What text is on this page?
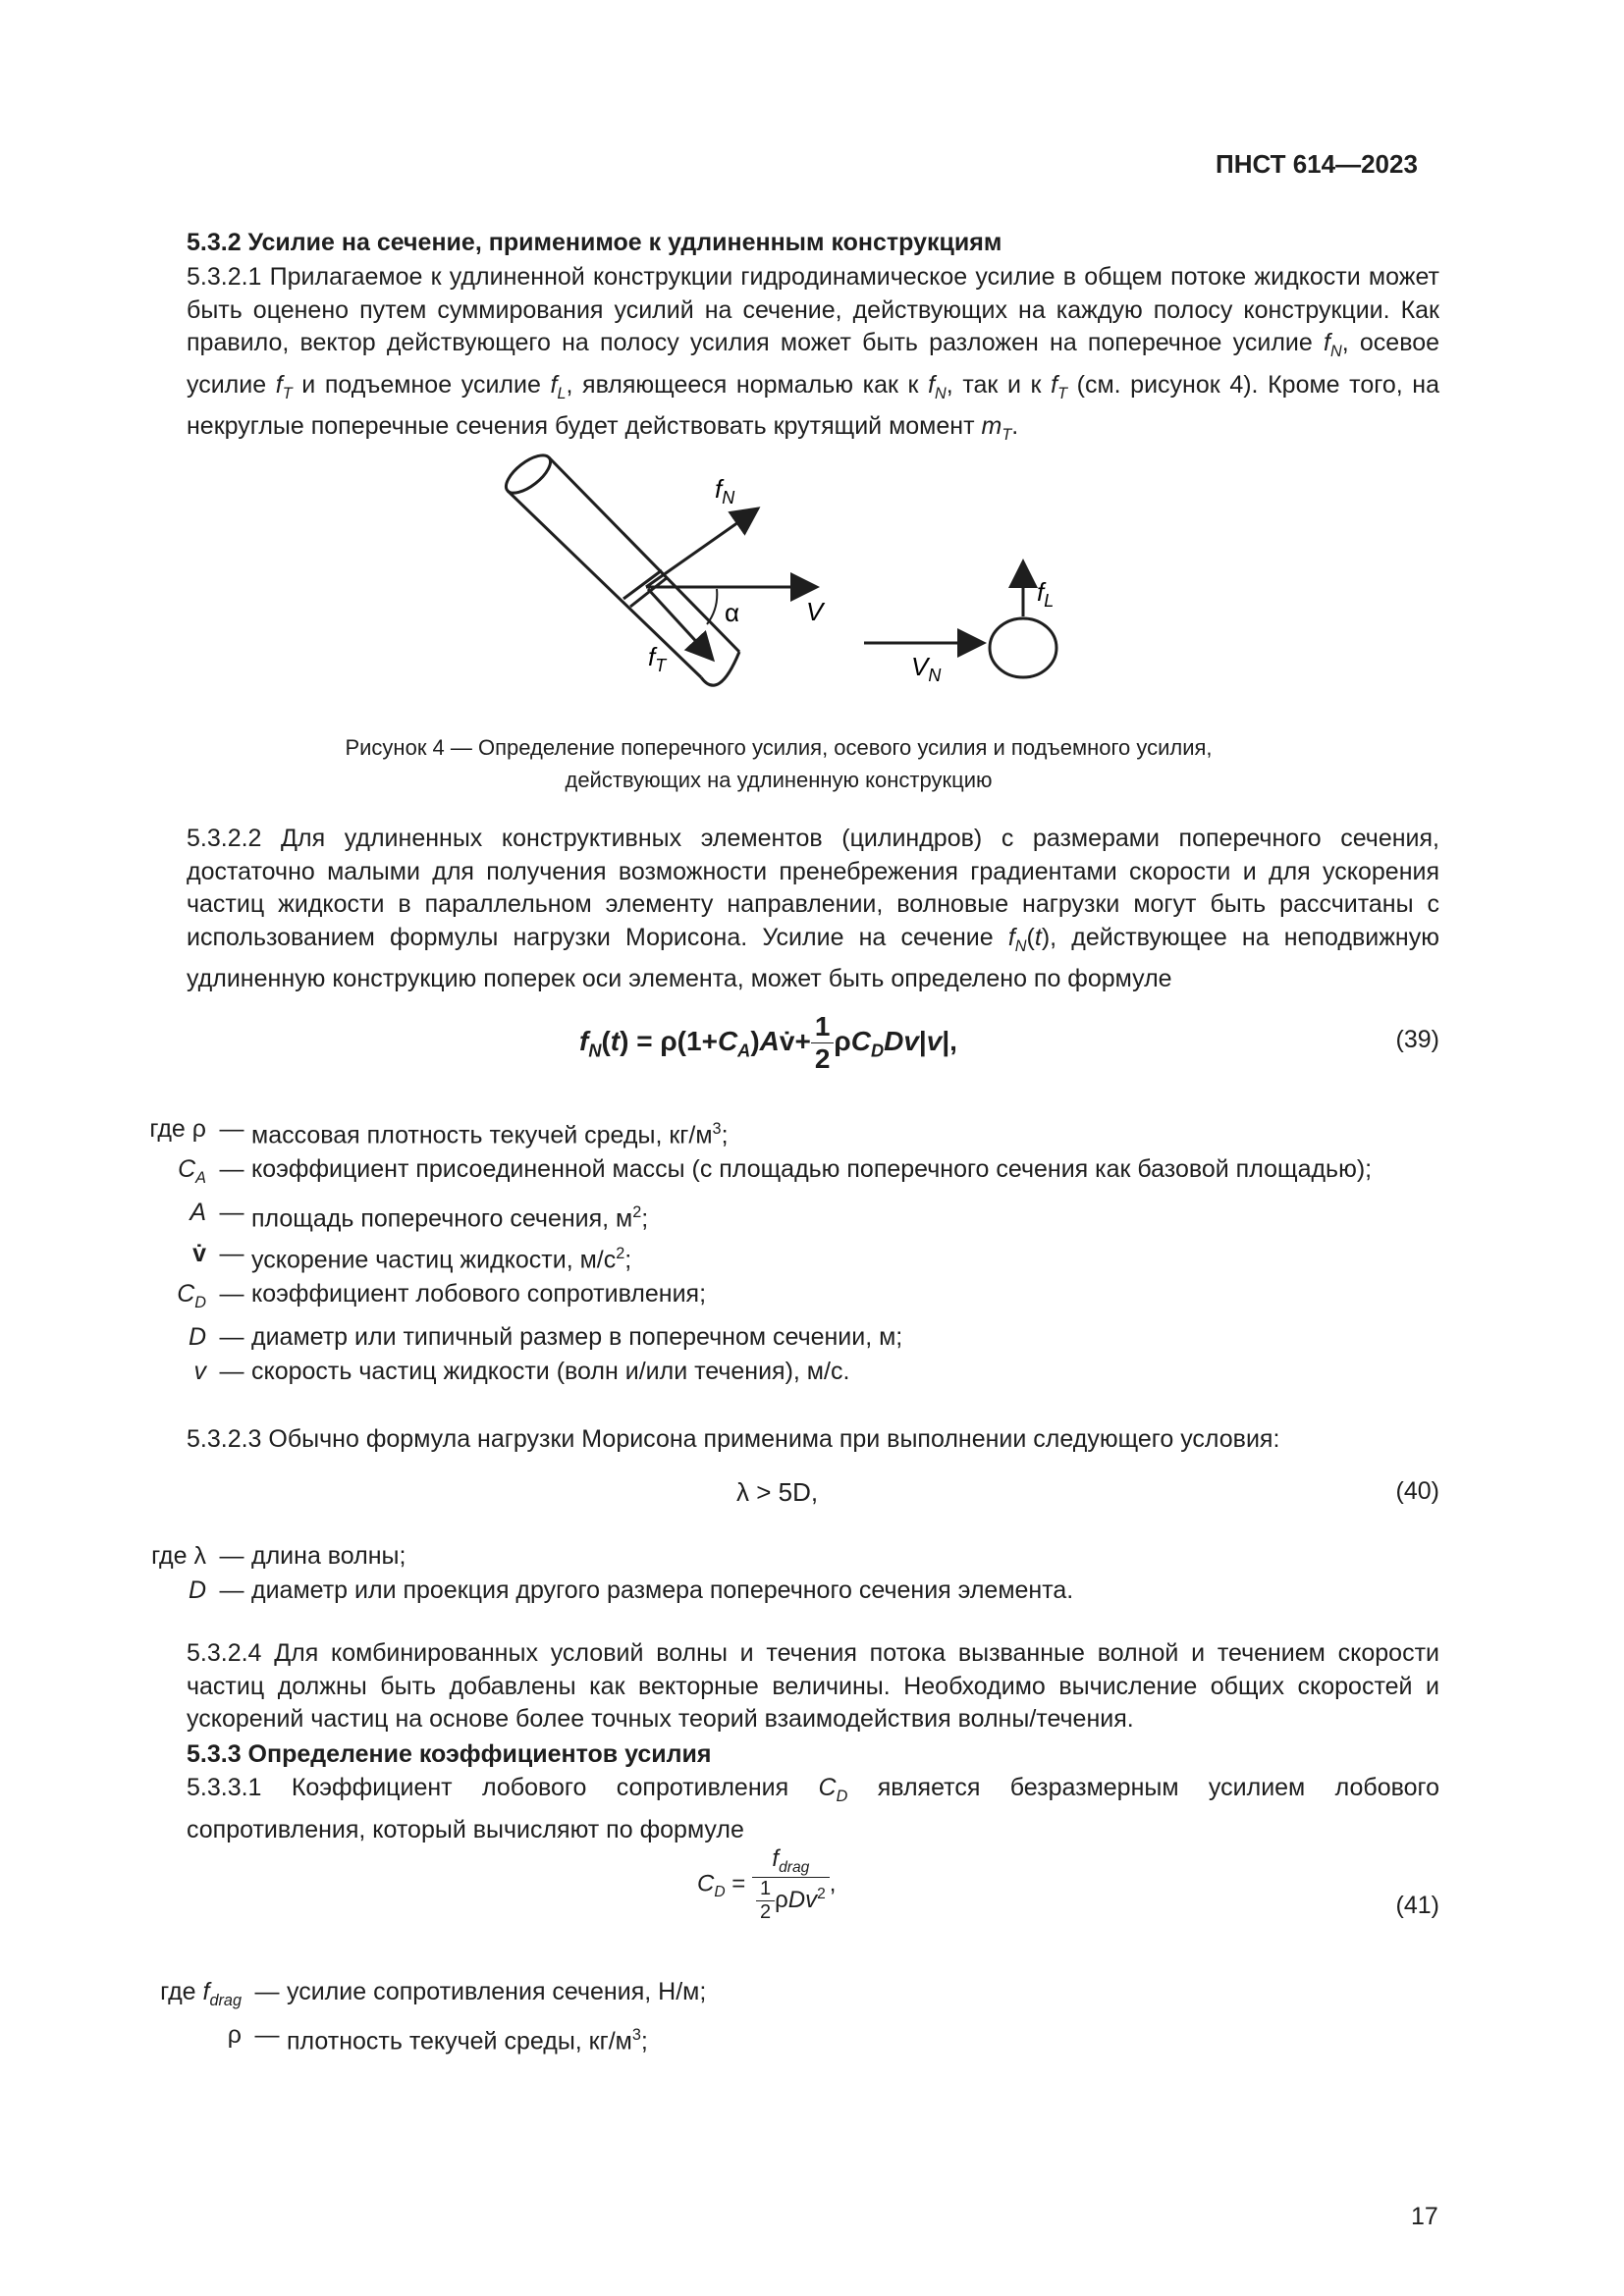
ПНСТ 614—2023
5.3.2 Усилие на сечение, применимое к удлиненным конструкциям
5.3.2.1 Прилагаемое к удлиненной конструкции гидродинамическое усилие в общем потоке жидкости может быть оценено путем суммирования усилий на сечение, действующих на каждую полосу конструкции. Как правило, вектор действующего на полосу усилия может быть разложен на поперечное усилие $f_N$, осевое усилие $f_T$ и подъемное усилие $f_L$, являющееся нормалью как к $f_N$, так и к $f_T$ (см. рисунок 4). Кроме того, на некруглые поперечные сечения будет действовать крутящий момент $m_T$.
$f_N$
V
α
$f_T$
$f_L$
$V_N$
Рисунок 4 — Определение поперечного усилия, осевого усилия и подъемного усилия,
действующих на удлиненную конструкцию
5.3.2.2 Для удлиненных конструктивных элементов (цилиндров) с размерами поперечного сечения, достаточно малыми для получения возможности пренебрежения градиентами скорости и для ускорения частиц жидкости в параллельном элементу направлении, волновые нагрузки могут быть рассчитаны с использованием формулы нагрузки Морисона. Усилие на сечение $f_N(t)$, действующее на неподвижную удлиненную конструкцию поперек оси элемента, может быть определено по формуле
$f_N(t)$ = $\rho(1+C_A)Av̇+ \frac{1}{2} \rho C_DDv|v|$,	(39)
где ρ — массовая плотность текучей среды, $кг/м^3$;
$C_A$ — коэффициент присоединенной массы (с площадью поперечного сечения как базовой площадью);
A — площадь поперечного сечения, $м^2$;
v̇ — ускорение частиц жидкости, $м/с^2$;
$C_D$ — коэффициент лобового сопротивления;
D — диаметр или типичный размер в поперечном сечении, м;
v — скорость частиц жидкости (волн и/или течения), м/с.
5.3.2.3 Обычно формула нагрузки Морисона применима при выполнении следующего условия:
λ > 5D,	(40)
где λ — длина волны;
D — диаметр или проекция другого размера поперечного сечения элемента.
5.3.2.4 Для комбинированных условий волны и течения потока вызванные волной и течением скорости частиц должны быть добавлены как векторные величины. Необходимо вычисление общих скоростей и ускорений частиц на основе более точных теорий взаимодействия волны/течения.
5.3.3 Определение коэффициентов усилия
5.3.3.1 Коэффициент лобового сопротивления $C_D$ является безразмерным усилием лобового сопротивления, который вычисляют по формуле
$C_D = \frac{f_{drag}}{\frac{1}{2} \rho Dv^2}$ ,
(41)
где $f_{drag}$ — усилие сопротивления сечения, Н/м;
ρ — плотность текучей среды, $кг/м^3$;
17
